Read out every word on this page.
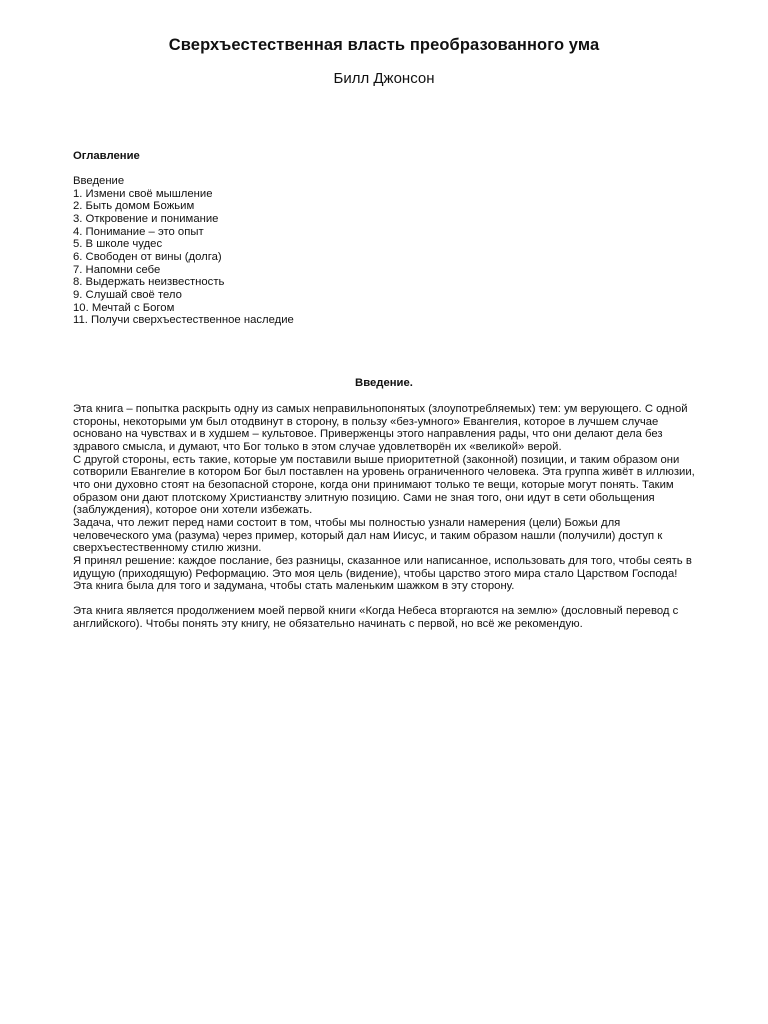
Сверхъестественная власть преобразованного ума
Билл Джонсон
Оглавление
Введение
1. Измени своё мышление
2. Быть домом Божьим
3. Откровение и понимание
4. Понимание – это опыт
5. В школе чудес
6. Свободен от вины (долга)
7. Напомни себе
8. Выдержать неизвестность
9. Слушай своё тело
10. Мечтай с Богом
11. Получи сверхъестественное наследие
Введение.

Эта книга – попытка раскрыть одну из самых неправильнопонятых (злоупотребляемых) тем: ум верующего. С одной стороны, некоторыми ум был отодвинут в сторону, в пользу «без-умного» Евангелия, которое в лучшем случае основано на чувствах и в худшем – культовое. Приверженцы этого направления рады, что они делают дела без здравого смысла, и думают, что Бог только в этом случае удовлетворён их «великой» верой.

С другой стороны, есть такие, которые ум поставили выше приоритетной (законной) позиции, и таким образом они сотворили Евангелие в котором Бог был поставлен на уровень ограниченного человека. Эта группа живёт в иллюзии, что они духовно стоят на безопасной стороне, когда они принимают только те вещи, которые могут понять. Таким образом они дают плотскому Христианству элитную позицию. Сами не зная того, они идут в сети обольщения (заблуждения), которое они хотели избежать.

Задача, что лежит перед нами состоит в том, чтобы мы полностью узнали намерения (цели) Божьи для человеческого ума (разума) через пример, который дал нам Иисус, и таким образом нашли (получили) доступ к сверхъестественному стилю жизни.

Я принял решение: каждое послание, без разницы, сказанное или написанное, использовать для того, чтобы сеять в идущую (приходящую) Реформацию. Это моя цель (видение), чтобы царство этого мира стало Царством Господа! Эта книга была для того и задумана, чтобы стать маленьким шажком в эту сторону.

Эта книга является продолжением моей первой книги «Когда Небеса вторгаются на землю» (дословный перевод с английского). Чтобы понять эту книгу, не обязательно начинать с первой, но всё же рекомендую.
